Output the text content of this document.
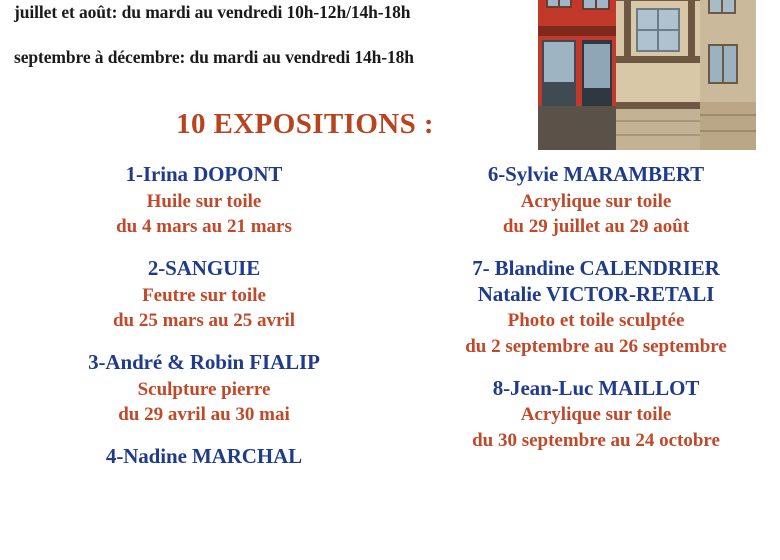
juillet et août: du mardi au vendredi 10h-12h/14h-18h
septembre à décembre: du mardi au vendredi 14h-18h
10 EXPOSITIONS :
1-Irina DOPONT
Huile sur toile
du 4 mars au 21 mars
2-SANGUIE
Feutre sur toile
du 25 mars au 25 avril
3-André & Robin FIALIP
Sculpture pierre
du 29 avril au 30 mai
4-Nadine MARCHAL
6-Sylvie MARAMBERT
Acrylique sur toile
du 29 juillet au 29 août
7- Blandine CALENDRIER
Natalie VICTOR-RETALI
Photo et toile sculptée
du 2 septembre au 26 septembre
8-Jean-Luc MAILLOT
Acrylique sur toile
du 30 septembre au 24 octobre
